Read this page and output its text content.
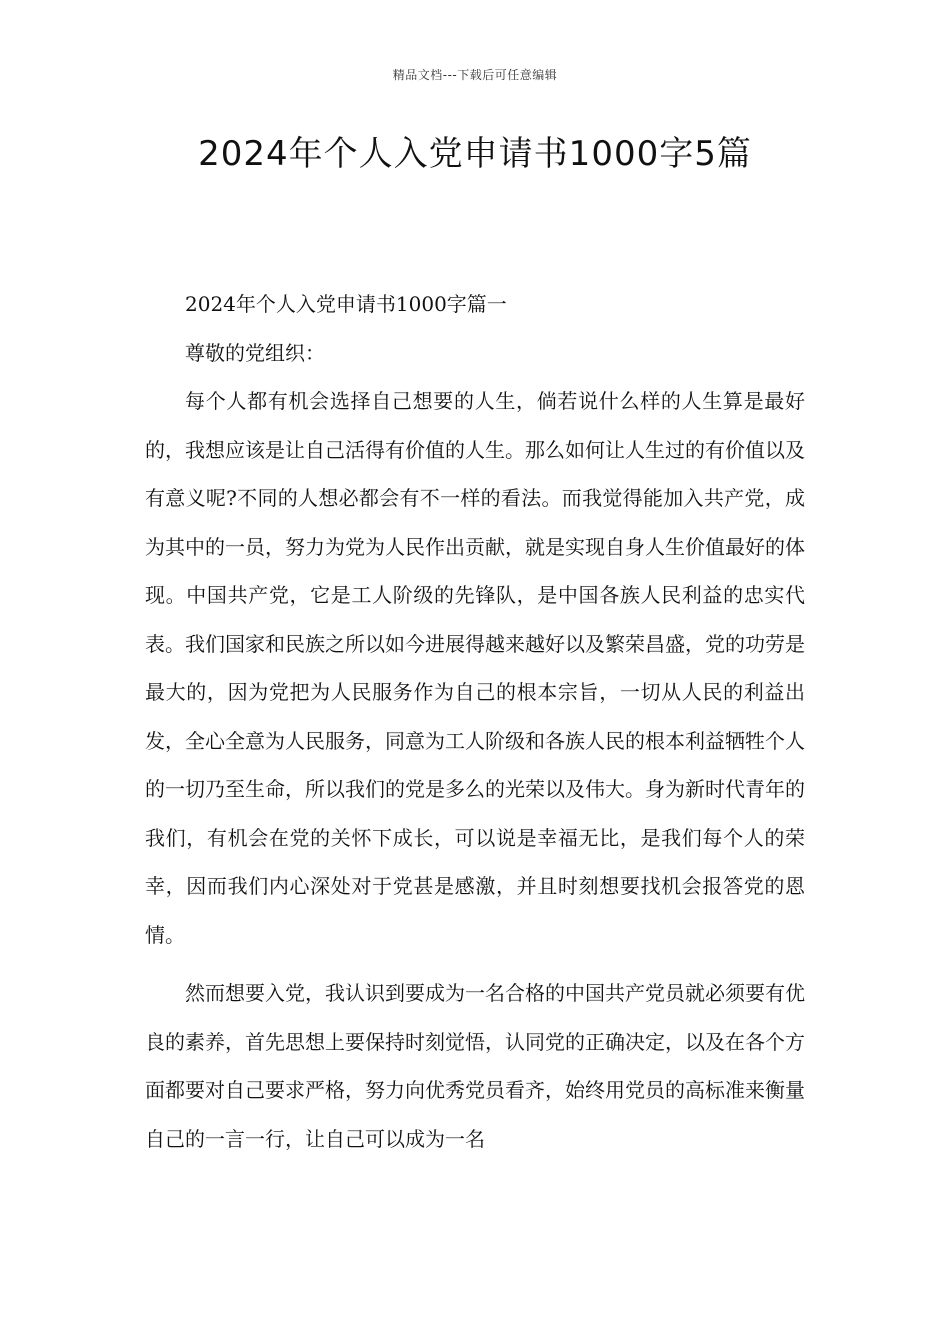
精品文档---下载后可任意编辑
2024年个人入党申请书1000字5篇

2024年个人入党申请书1000字篇一

尊敬的党组织：

每个人都有机会选择自己想要的人生，倘若说什么样的人生算是最好的，我想应该是让自己活得有价值的人生。那么如何让人生过的有价值以及有意义呢?不同的人想必都会有不一样的看法。而我觉得能加入共产党，成为其中的一员，努力为党为人民作出贡献，就是实现自身人生价值最好的体现。中国共产党，它是工人阶级的先锋队，是中国各族人民利益的忠实代表。我们国家和民族之所以如今进展得越来越好以及繁荣昌盛，党的功劳是最大的，因为党把为人民服务作为自己的根本宗旨，一切从人民的利益出发，全心全意为人民服务，同意为工人阶级和各族人民的根本利益牺牲个人的一切乃至生命，所以我们的党是多么的光荣以及伟大。身为新时代青年的我们，有机会在党的关怀下成长，可以说是幸福无比，是我们每个人的荣幸，因而我们内心深处对于党甚是感激，并且时刻想要找机会报答党的恩情。

然而想要入党，我认识到要成为一名合格的中国共产党员就必须要有优良的素养，首先思想上要保持时刻觉悟，认同党的正确决定，以及在各个方面都要对自己要求严格，努力向优秀党员看齐，始终用党员的高标准来衡量自己的一言一行，让自己可以成为一名
